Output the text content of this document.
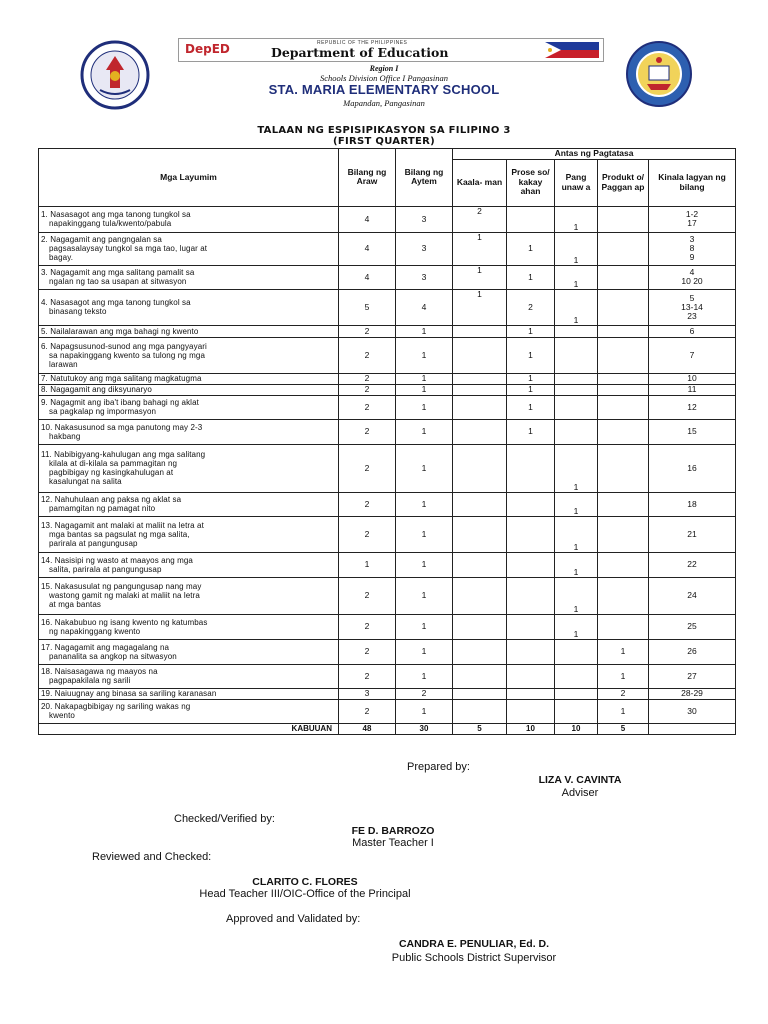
DepED	REPUBLIC OF THE PHILIPPINES
Department of Education
Region I
Schools Division Office I Pangasinan
STA. MARIA ELEMENTARY SCHOOL
Mapandan, Pangasinan
TALAAN NG ESPISIPIKASYON SA FILIPINO 3
(FIRST QUARTER)
Mga Layumim	Bilang ng Araw	Bilang ng Aytem	Antas ng Pagtatasa				
			Kaala- man	Prose so/ kakay ahan	Pang unaw a	Produkt o/ Paggan ap	Kinala lagyan ng bilang

1. Nasasagot ang mga tanong tungkol sa
napakinggang tula/kwento/pabula	4	3	2		1		1-2
17

2. Nagagamit ang pangngalan sa
pagsasalaysay tungkol sa mga tao, lugar at
bagay.	4	3	1	1	1		3
8
9

3. Nagagamit ang mga salitang pamalit sa
ngalan ng tao sa usapan at sitwasyon	4	3	1	1	1		4
10 20

4. Nasasagot ang mga tanong tungkol sa
binasang teksto	5	4	1	2	1		5
13-14
23

5. Nailalarawan ang mga bahagi ng kwento	2	1		1			6

6. Napagsusunod-sunod ang mga pangyayari
sa napakinggang kwento sa tulong ng mga
larawan	2	1		1			7

7. Natutukoy ang mga salitang magkatugma	2	1		1			10

8. Nagagamit ang diksyunaryo	2	1		1			11

9. Nagagmit ang iba't ibang bahagi ng aklat
sa pagkalap ng impormasyon	2	1		1			12

10. Nakasusunod sa mga panutong may 2-3
hakbang	2	1		1			15

11. Nabibigyang-kahulugan ang mga salitang
kilala at di-kilala sa pammagitan ng
pagbibigay ng kasingkahulugan at
kasalungat na salita	2	1			1		16

12. Nahuhulaan ang paksa ng aklat sa
pamamgitan ng pamagat nito	2	1			1		18

13. Nagagamit ant malaki at maliit na letra at
mga bantas sa pagsulat ng mga salita,
parirala at pangungusap	2	1			1		21

14. Nasisipi ng wasto at maayos ang mga
salita, parirala at pangungusap	1	1			1		22

15. Nakasusulat ng pangungusap nang may
wastong gamit ng malaki at maliit na letra
at mga bantas	2	1			1		24

16. Nakabubuo ng isang kwento ng katumbas
ng napakinggang kwento	2	1			1		25

17. Nagagamit ang magagalang na
pananalita sa angkop na sitwasyon	2	1				1	26

18. Naisasagawa ng maayos na
pagpapakilala ng sarili	2	1				1	27

19. Naiuugnay ang binasa sa sariling karanasan	3	2				2	28-29

20. Nakapagbibigay ng sariling wakas ng
kwento	2	1				1	30

KABUUAN	48	30	5	10	10	5	
Prepared by:
LIZA V. CAVINTA
Adviser
Checked/Verified by:
FE D. BARROZO
Master Teacher I
Reviewed and Checked:
CLARITO C. FLORES
Head Teacher III/OIC-Office of the Principal
Approved and Validated by:
CANDRA E. PENULIAR, Ed. D.
Public Schools District Supervisor
